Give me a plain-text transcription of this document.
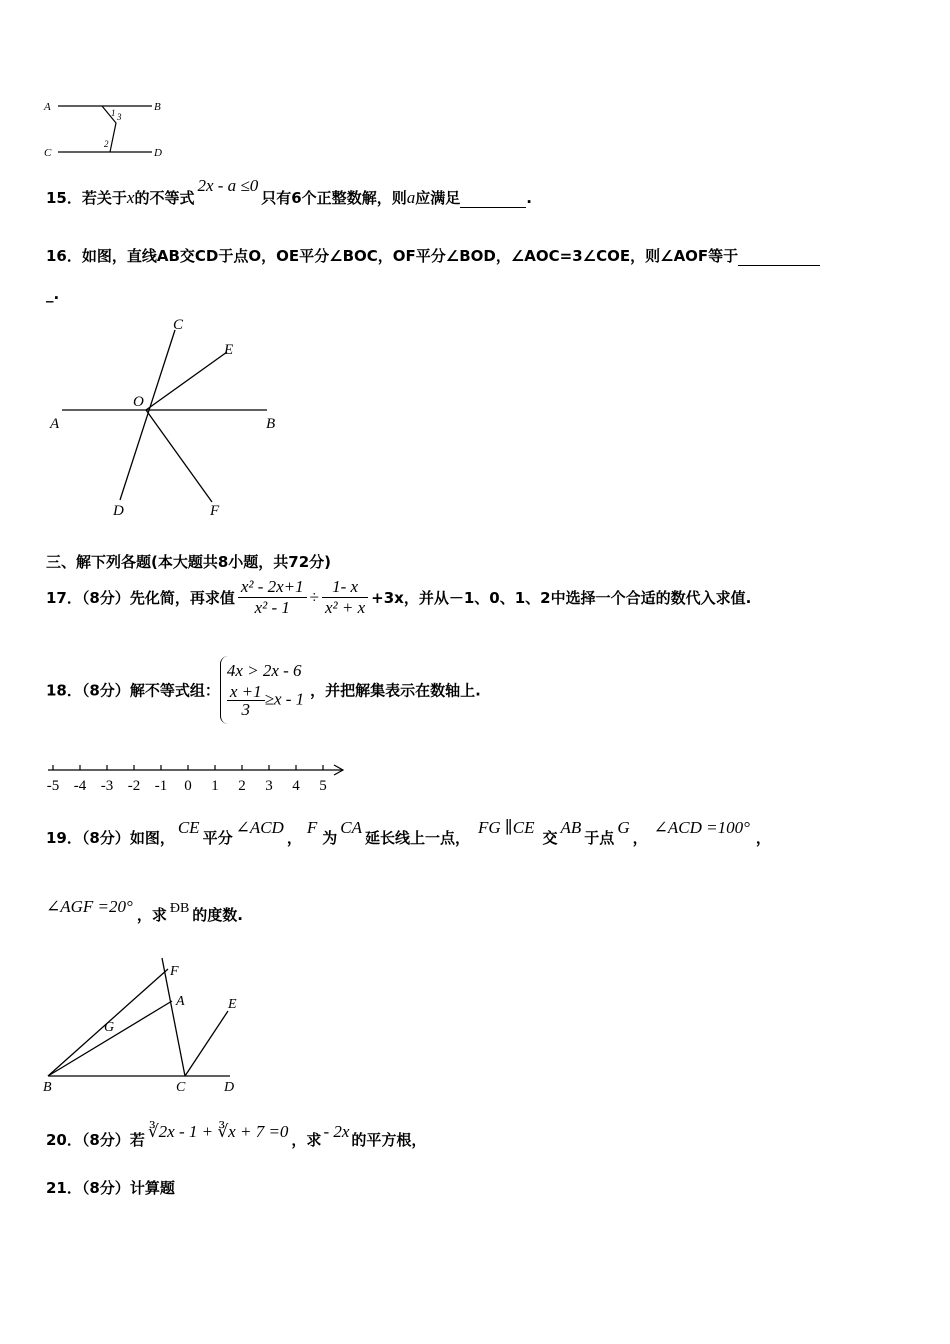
A	B
C	D
1 3
2
15．若关于x的不等式2x - a ≤0只有6个正整数解，则a应满足	.
16．如图，直线AB交CD于点O，OE平分∠BOC，OF平分∠BOD，∠AOC=3∠COE，则∠AOF等于
_.
C
E
O
A	B
D	F
三、解下列各题(本大题共8小题，共72分)
17．（8分）先化简，再求值 $\frac{\text{x² - 2x+1}}{\text{x² - 1}} \div \frac{1- x}{\text{x² + x}} +3x$，并从－1、0、1、2中选择一个合适的数代入求值.
18．（8分）解不等式组：
4x > 2x - 6
$\frac{x +1}{3} \ge x - 1$ ，并把解集表示在数轴上.
-5 -4 -3 -2 -1 0 1 2 3 4 5
19．（8分）如图，CE平分∠ACD，F为CA延长线上一点，FG ∥CE交AB于点G，∠ACD =100°，
∠AGF =20° ，求 ÐB 的度数.
F
A
G
E
B	C	D
20．（8分）若 ∛2x - 1 + ∛x + 7 =0 ，求 - 2x 的平方根，
21．（8分）计算题
